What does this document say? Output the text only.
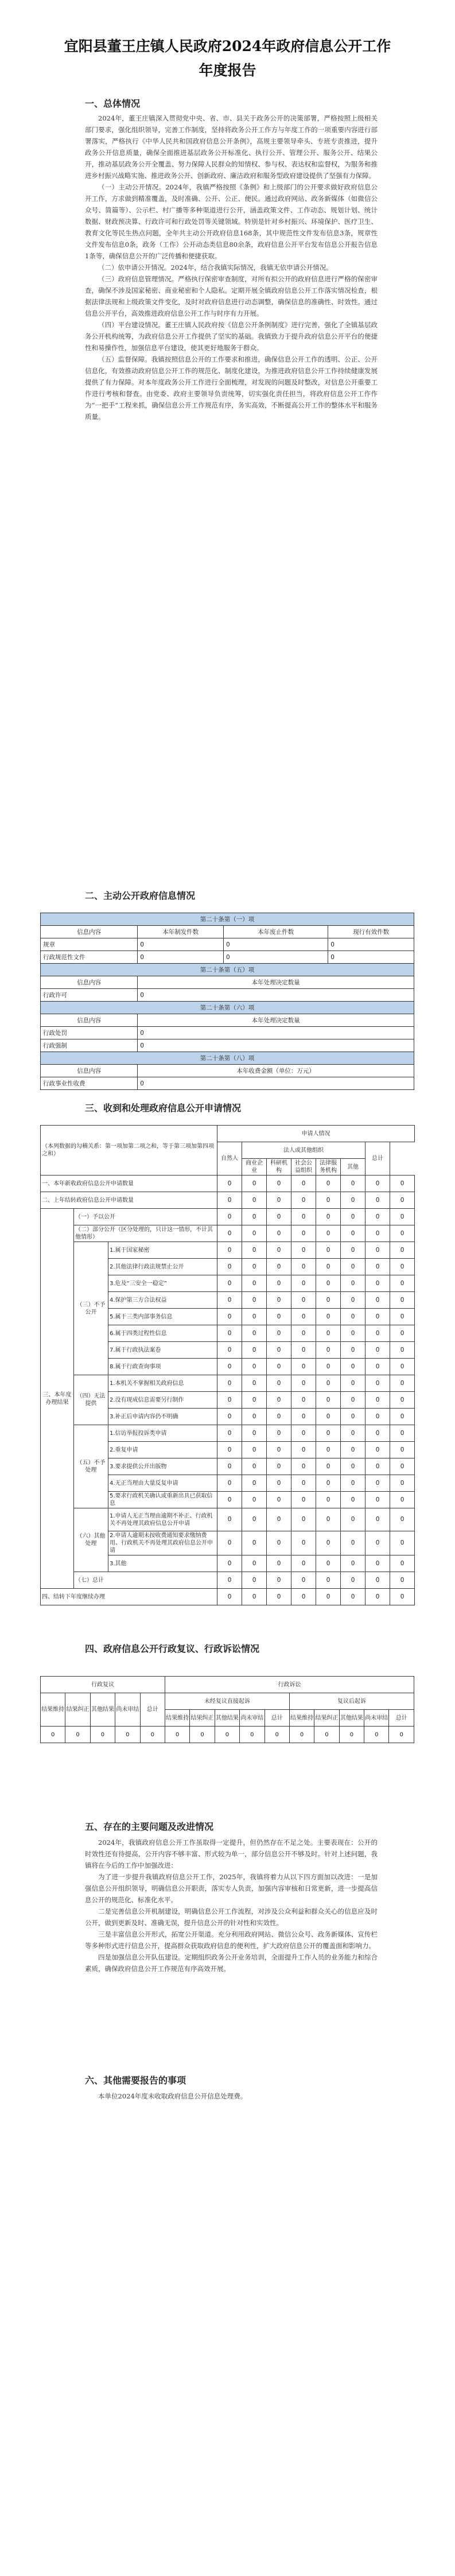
宜阳县董王庄镇人民政府2024年政府信息公开工作
年度报告
一、总体情况

2024年，董王庄镇深入贯彻党中央、省、市、县关于政务公开的决策部署，严格按照上级相关部门要求，强化组织领导，完善工作制度，坚持将政务公开工作方与年度工作的一项重要内容进行部署落实，严格执行《中华人民共和国政府信息公开条例》，高规主要领导牵头、专班专责推进，提升政务公开信息质量，确保全面推进基层政务公开标准化、执行公开、管理公开、服务公开、结果公开，推动基层政务公开全覆盖、努力保障人民群众的知情权、参与权、表达权和监督权，为服务和推进乡村振兴战略实施、推进政务公开、创新政府、廉洁政府和服务型政府建设提供了坚强有力保障。

（一）主动公开情况。2024年，我镇严格按照《条例》和上级部门的公开要求做好政府信息公开工作，方求做到精准覆盖，及时准确、公开、公正、便民。通过政府网站、政务新媒体（如微信公众号、简篇等）、公示栏、村广播等多种渠道进行公开，涵盖政策文件、工作动态、规划计划、统计数据、财政预决算、行政许可和行政处罚等关键领域。特别是针对乡村振兴、环境保护、医疗卫生、教育文化等民生热点问题，全年共主动公开政府信息168条，其中规范性文件发布信息3条，规章性文件发布信息0条，政务（工作）公开动态类信息80余条，政府信息公开平台发布信息公开报告信息1条等，确保信息公开的广泛传播和便捷获取。

（二）依申请公开情况。2024年，结合我镇实际情况，我镇无依申请公开情况。

（三）政府信息管理情况。严格执行保密审查制度，对所有拟公开的政府信息进行严格的保密审查，确保不涉及国家秘密、商业秘密和个人隐私。定期开展全镇政府信息公开工作落实情况检查，根据法律法规和上级政策文件变化，及时对政府信息进行动态调整，确保信息的准确性、时效性。通过信息公开平台，高效推进政府信息公开工作与时序有力开展。

（四）平台建设情况。董王庄镇人民政府按《信息公开条例制度》进行完善，强化了全镇基层政务公开机构统筹，为政府信息公开工作提供了坚实的基础。我镇致力于提升政府信息公开平台的便捷性和易操作性，加强信息平台建设，使其更好地服务于群众。

（五）监督保障。我镇按照信息公开的工作要求和推进，确保信息公开工作的透明、公正、公开信息化，有效推动政府信息公开工作的规范化、制度化建设，为推进政府信息公开工作持续健康发展提供了有力保障。对本年度政务公开工作进行全面梳理，对发现的问题及时整改，对信息公开重要工作进行考核和督查。由党委、政府主要领导负责统筹，切实强化责任担当，将政府信息公开工作作为“一把手”工程来抓，确保信息公开工作规范有序，务实高效，不断提高公开工作的整体水平和服务质量。

二、主动公开政府信息情况
第二十条第（一）项			
信息内容	本年制发件数	本年废止件数	现行有效件数
规章	0	0	0
行政规范性文件	0	0	0
第二十条第（五）项			
信息内容	本年处理决定数量		
行政许可	0		
第二十条第（六）项			
信息内容	本年处理决定数量		
行政处罚	0		
行政强制	0		
第二十条第（八）项			
信息内容	本年收费金额（单位：万元）		
行政事业性收费	0		
三、收到和处理政府信息公开申请情况
（本列数据的勾稽关系：第一项加第二项之和，等于第三项加第四项之和）			申请人情况							
			自然人	法人或其他组织					总计	
				商业企业	科研机构	社会公益组织	法律服务机构	其他		
一、本年新收政府信息公开申请数量			0	0	0	0	0	0	0	0
二、上年结转政府信息公开申请数量			0	0	0	0	0	0	0	0
三、本年度办理结果	（一）予以公开		0	0	0	0	0	0	0	0
	（二）部分公开（区分处理的，只计这一情形，不计其他情形）		0	0	0	0	0	0	0	0
	（三）不予公开	1.属于国家秘密	0	0	0	0	0	0	0	0
		2.其他法律行政法规禁止公开	0	0	0	0	0	0	0	0
		3.危及“三安全一稳定”	0	0	0	0	0	0	0	0
		4.保护第三方合法权益	0	0	0	0	0	0	0	0
		5.属于三类内部事务信息	0	0	0	0	0	0	0	0
		6.属于四类过程性信息	0	0	0	0	0	0	0	0
		7.属于行政执法案卷	0	0	0	0	0	0	0	0
		8.属于行政查询事项	0	0	0	0	0	0	0	0
	（四）无法提供	1.本机关不掌握相关政府信息	0	0	0	0	0	0	0	0
		2.没有现成信息需要另行制作	0	0	0	0	0	0	0	0
		3.补正后申请内容仍不明确	0	0	0	0	0	0	0	0
	（五）不予处理	1.信访举报投诉类申请	0	0	0	0	0	0	0	0
		2.重复申请	0	0	0	0	0	0	0	0
		3.要求提供公开出版物	0	0	0	0	0	0	0	0
		4.无正当理由大量反复申请	0	0	0	0	0	0	0	0
		5.要求行政机关确认或重新出具已获取信息	0	0	0	0	0	0	0	0
	（六）其他处理	1.申请人无正当理由逾期不补正、行政机关不再处理其政府信息公开申请	0	0	0	0	0	0	0	0
		2.申请人逾期未按收费通知要求缴纳费用、行政机关不再处理其政府信息公开申请	0	0	0	0	0	0	0	0
		3.其他	0	0	0	0	0	0	0	0
	（七）总计		0	0	0	0	0	0	0	0
四、结转下年度继续办理			0	0	0	0	0	0	0	0
四、政府信息公开行政复议、行政诉讼情况
行政复议					行政诉讼									
结果维持	结果纠正	其他结果	尚未审结	总计	未经复议直接起诉					复议后起诉				
					结果维持	结果纠正	其他结果	尚未审结	总计	结果维持	结果纠正	其他结果	尚未审结	总计
0	0	0	0	0	0	0	0	0	0	0	0	0	0	0
五、存在的主要问题及改进情况

2024年，我镇政府信息公开工作虽取得一定提升，但仍然存在不足之处。主要表现在：公开的时效性还有待提高，公开内容不够丰富、形式较为单一，部分信息公开不够及时。针对上述问题，我镇将在今后的工作中加强改进：

为了进一步提升我镇政府信息公开工作，2025年，我镇将着力从以下四方面加以改进：一是加强信息公开组织领导，明确信息公开职责，落实专人负责，加强内容审核和日常更新，进一步提高信息公开的规范化、标准化水平。

二是完善信息公开机制建设，明确信息公开工作流程，对涉及公众利益和群众关心的信息应及时公开，做到更新及时、准确无误，提升信息公开的针对性和实效性。

三是丰富信息公开形式，拓宽公开渠道。充分利用政府网站、微信公众号、政务新媒体、宣传栏等多种形式进行信息公开，提高群众获取政府信息的便利性，扩大政府信息公开的覆盖面和影响力。

四是加强信息公开队伍建设。定期组织政务公开业务培训，全面提升工作人员的业务能力和综合素质，确保政府信息公开工作规范有序高效开展。

六、其他需要报告的事项

本单位2024年度未收取政府信息公开信息处理费。
